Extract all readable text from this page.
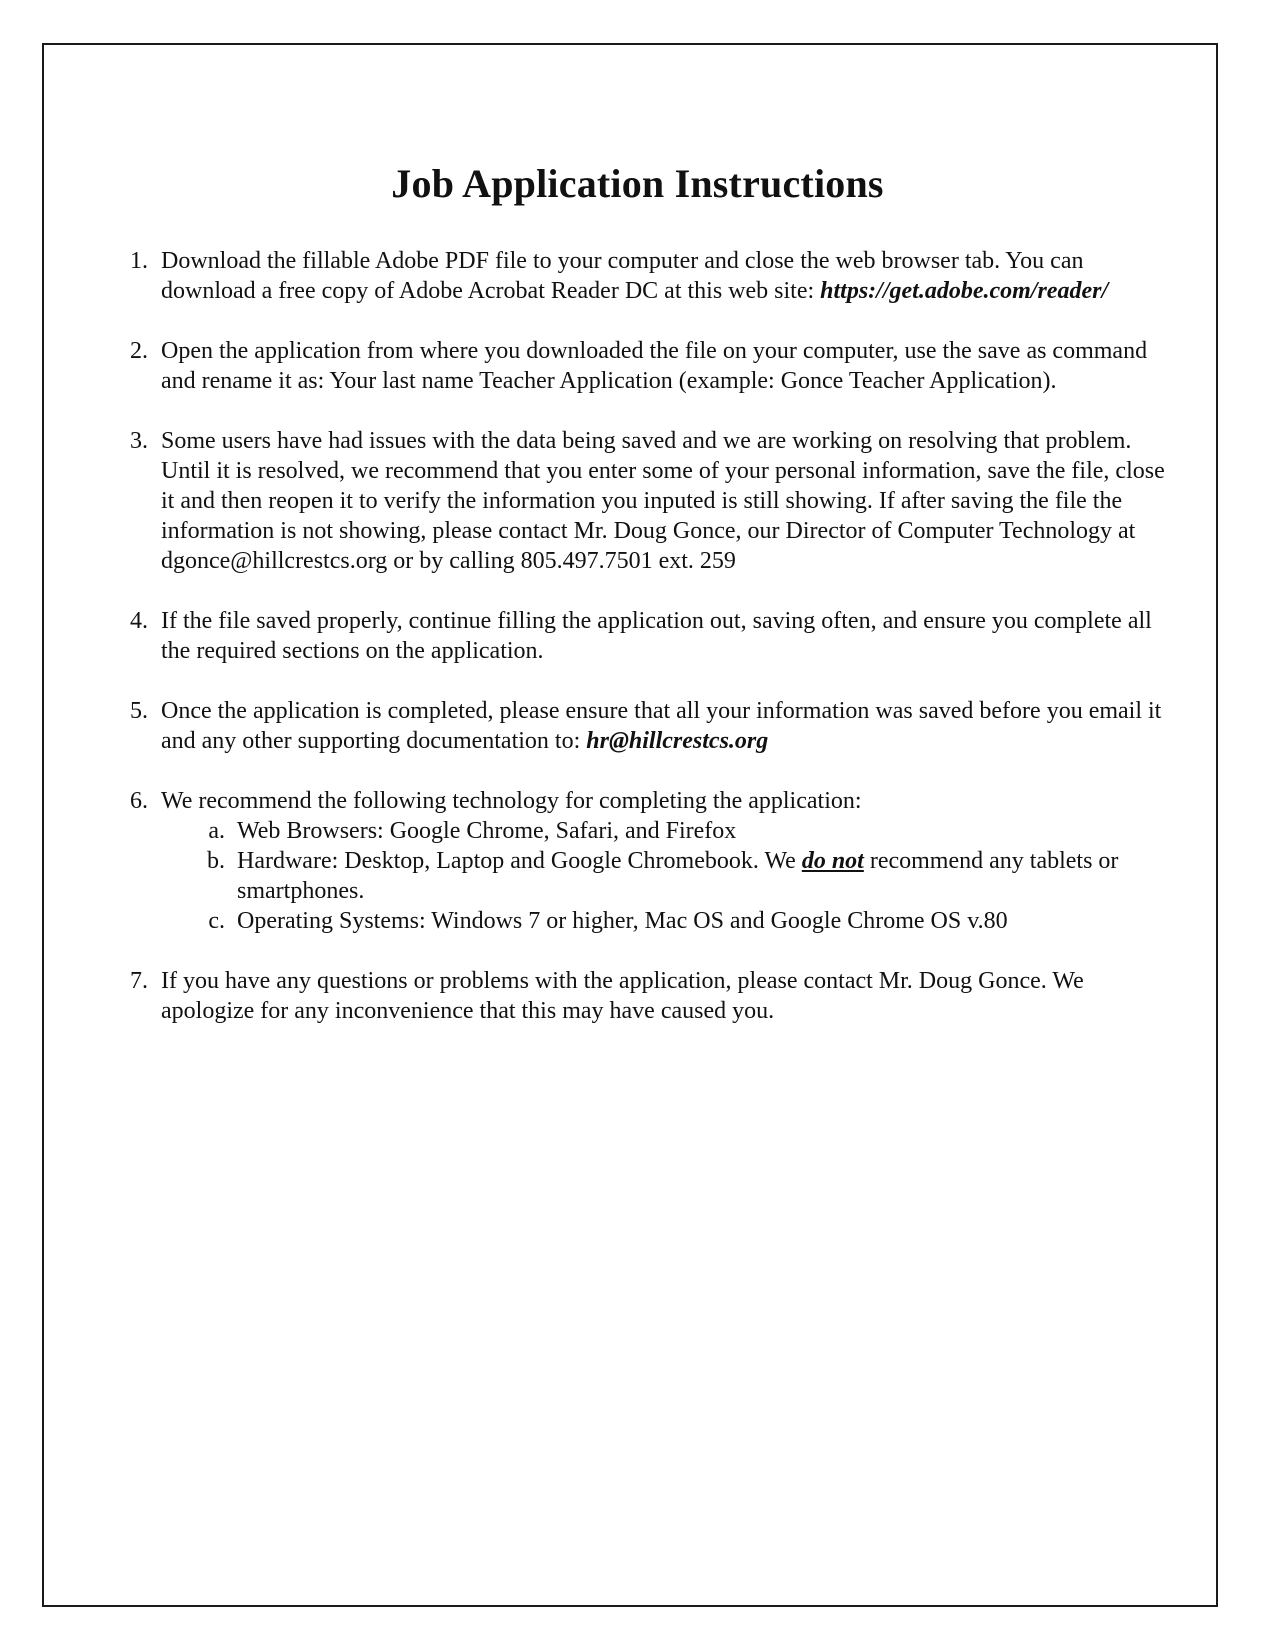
Job Application Instructions
1. Download the fillable Adobe PDF file to your computer and close the web browser tab. You can download a free copy of Adobe Acrobat Reader DC at this web site: https://get.adobe.com/reader/
2. Open the application from where you downloaded the file on your computer, use the save as command and rename it as: Your last name Teacher Application (example: Gonce Teacher Application).
3. Some users have had issues with the data being saved and we are working on resolving that problem. Until it is resolved, we recommend that you enter some of your personal information, save the file, close it and then reopen it to verify the information you inputed is still showing. If after saving the file the information is not showing, please contact Mr. Doug Gonce, our Director of Computer Technology at dgonce@hillcrestcs.org or by calling 805.497.7501 ext. 259
4. If the file saved properly, continue filling the application out, saving often, and ensure you complete all the required sections on the application.
5. Once the application is completed, please ensure that all your information was saved before you email it and any other supporting documentation to: hr@hillcrestcs.org
6. We recommend the following technology for completing the application:
a. Web Browsers: Google Chrome, Safari, and Firefox
b. Hardware: Desktop, Laptop and Google Chromebook. We do not recommend any tablets or smartphones.
c. Operating Systems: Windows 7 or higher, Mac OS and Google Chrome OS v.80
7. If you have any questions or problems with the application, please contact Mr. Doug Gonce. We apologize for any inconvenience that this may have caused you.
